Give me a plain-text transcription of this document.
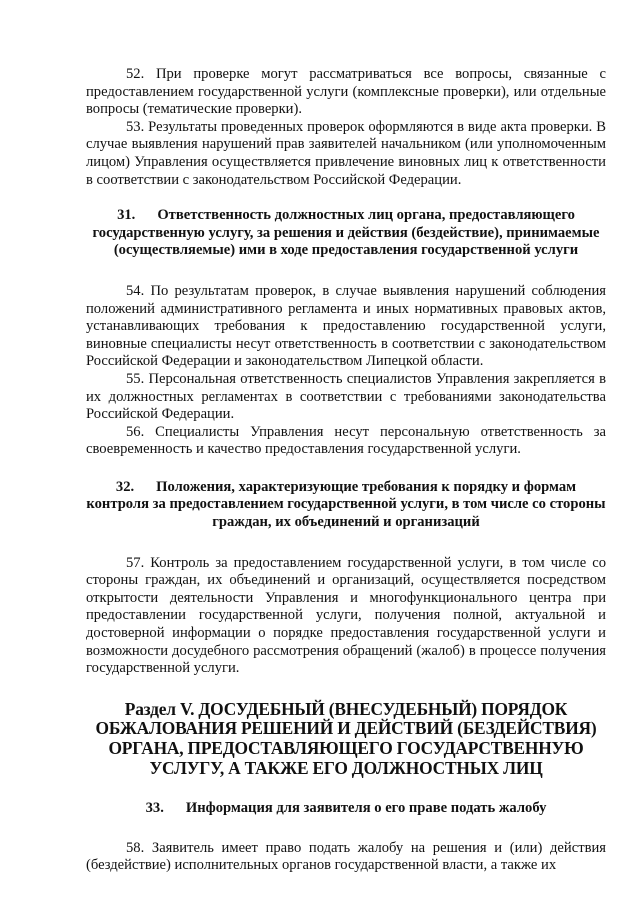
52. При проверке могут рассматриваться все вопросы, связанные с предоставлением государственной услуги (комплексные проверки), или отдельные вопросы (тематические проверки).

53. Результаты проведенных проверок оформляются в виде акта проверки. В случае выявления нарушений прав заявителей начальником (или уполномоченным лицом) Управления осуществляется привлечение виновных лиц к ответственности в соответствии с законодательством Российской Федерации.

31. Ответственность должностных лиц органа, предоставляющего государственную услугу, за решения и действия (бездействие), принимаемые (осуществляемые) ими в ходе предоставления государственной услуги

54. По результатам проверок, в случае выявления нарушений соблюдения положений административного регламента и иных нормативных правовых актов, устанавливающих требования к предоставлению государственной услуги, виновные специалисты несут ответственность в соответствии с законодательством Российской Федерации и законодательством Липецкой области.

55. Персональная ответственность специалистов Управления закрепляется в их должностных регламентах в соответствии с требованиями законодательства Российской Федерации.

56. Специалисты Управления несут персональную ответственность за своевременность и качество предоставления государственной услуги.

32. Положения, характеризующие требования к порядку и формам контроля за предоставлением государственной услуги, в том числе со стороны граждан, их объединений и организаций

57. Контроль за предоставлением государственной услуги, в том числе со стороны граждан, их объединений и организаций, осуществляется посредством открытости деятельности Управления и многофункционального центра при предоставлении государственной услуги, получения полной, актуальной и достоверной информации о порядке предоставления государственной услуги и возможности досудебного рассмотрения обращений (жалоб) в процессе получения государственной услуги.

Раздел V. ДОСУДЕБНЫЙ (ВНЕСУДЕБНЫЙ) ПОРЯДОК ОБЖАЛОВАНИЯ РЕШЕНИЙ И ДЕЙСТВИЙ (БЕЗДЕЙСТВИЯ) ОРГАНА, ПРЕДОСТАВЛЯЮЩЕГО ГОСУДАРСТВЕННУЮ УСЛУГУ, А ТАКЖЕ ЕГО ДОЛЖНОСТНЫХ ЛИЦ

33. Информация для заявителя о его праве подать жалобу

58. Заявитель имеет право подать жалобу на решения и (или) действия (бездействие) исполнительных органов государственной власти, а также их
